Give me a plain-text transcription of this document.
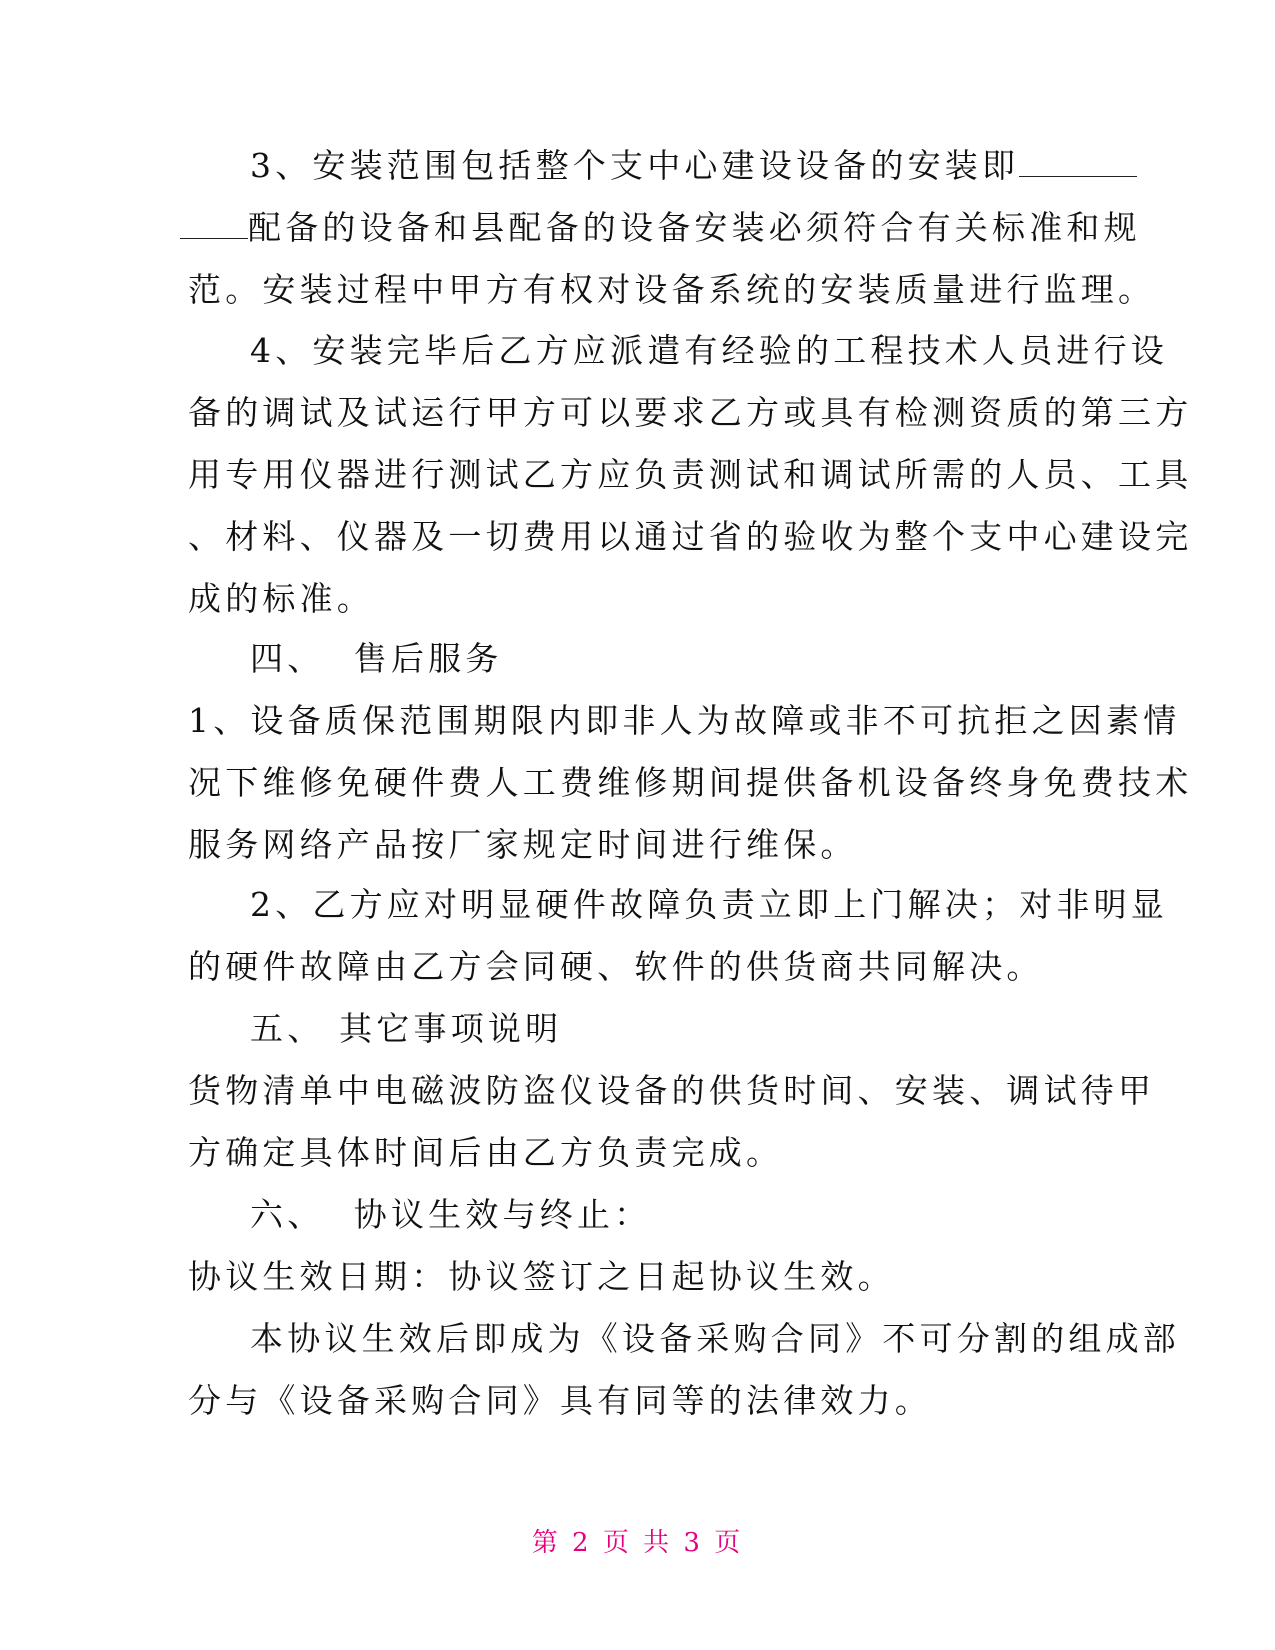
3、安装范围包括整个支中心建设设备的安装即
配备的设备和县配备的设备安装必须符合有关标准和规
范。安装过程中甲方有权对设备系统的安装质量进行监理。
4、安装完毕后乙方应派遣有经验的工程技术人员进行设
备的调试及试运行甲方可以要求乙方或具有检测资质的第三方
用专用仪器进行测试乙方应负责测试和调试所需的人员、工具
、材料、仪器及一切费用以通过省的验收为整个支中心建设完
成的标准。
四、  售后服务
1、设备质保范围期限内即非人为故障或非不可抗拒之因素情
况下维修免硬件费人工费维修期间提供备机设备终身免费技术
服务网络产品按厂家规定时间进行维保。
2、乙方应对明显硬件故障负责立即上门解决；对非明显
的硬件故障由乙方会同硬、软件的供货商共同解决。
五、 其它事项说明
货物清单中电磁波防盗仪设备的供货时间、安装、调试待甲
方确定具体时间后由乙方负责完成。
六、  协议生效与终止：
协议生效日期：协议签订之日起协议生效。
本协议生效后即成为《设备采购合同》不可分割的组成部
分与《设备采购合同》具有同等的法律效力。
第 2 页 共 3 页
